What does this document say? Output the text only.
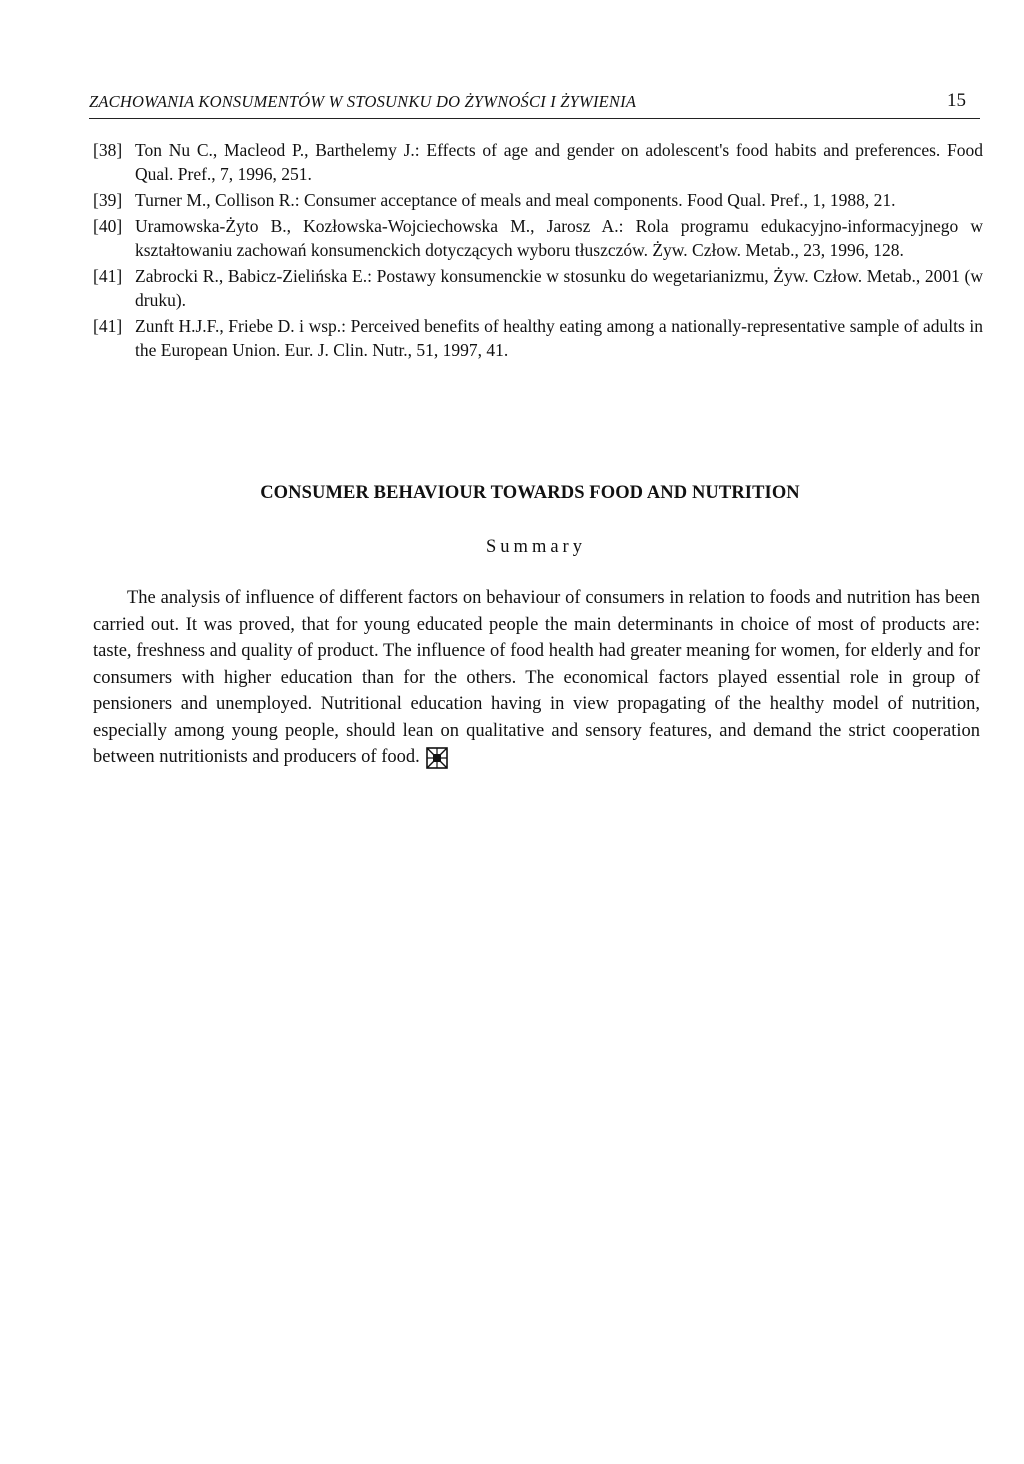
ZACHOWANIA KONSUMENTÓW W STOSUNKU DO ŻYWNOŚCI I ŻYWIENIA	15
[38] Ton Nu C., Macleod P., Barthelemy J.: Effects of age and gender on adolescent's food habits and preferences. Food Qual. Pref., 7, 1996, 251.
[39] Turner M., Collison R.: Consumer acceptance of meals and meal components. Food Qual. Pref., 1, 1988, 21.
[40] Uramowska-Żyto B., Kozłowska-Wojciechowska M., Jarosz A.: Rola programu edukacyjno-informacyjnego w kształtowaniu zachowań konsumenckich dotyczących wyboru tłuszczów. Żyw. Człow. Metab., 23, 1996, 128.
[41] Zabrocki R., Babicz-Zielińska E.: Postawy konsumenckie w stosunku do wegetarianizmu, Żyw. Człow. Metab., 2001 (w druku).
[41] Zunft H.J.F., Friebe D. i wsp.: Perceived benefits of healthy eating among a nationally-representative sample of adults in the European Union. Eur. J. Clin. Nutr., 51, 1997, 41.
CONSUMER BEHAVIOUR TOWARDS FOOD AND NUTRITION
Summary

The analysis of influence of different factors on behaviour of consumers in relation to foods and nutrition has been carried out. It was proved, that for young educated people the main determinants in choice of most of products are: taste, freshness and quality of product. The influence of food health had greater meaning for women, for elderly and for consumers with higher education than for the others. The economical factors played essential role in group of pensioners and unemployed. Nutritional education having in view propagating of the healthy model of nutrition, especially among young people, should lean on qualitative and sensory features, and demand the strict cooperation between nutritionists and producers of food.
